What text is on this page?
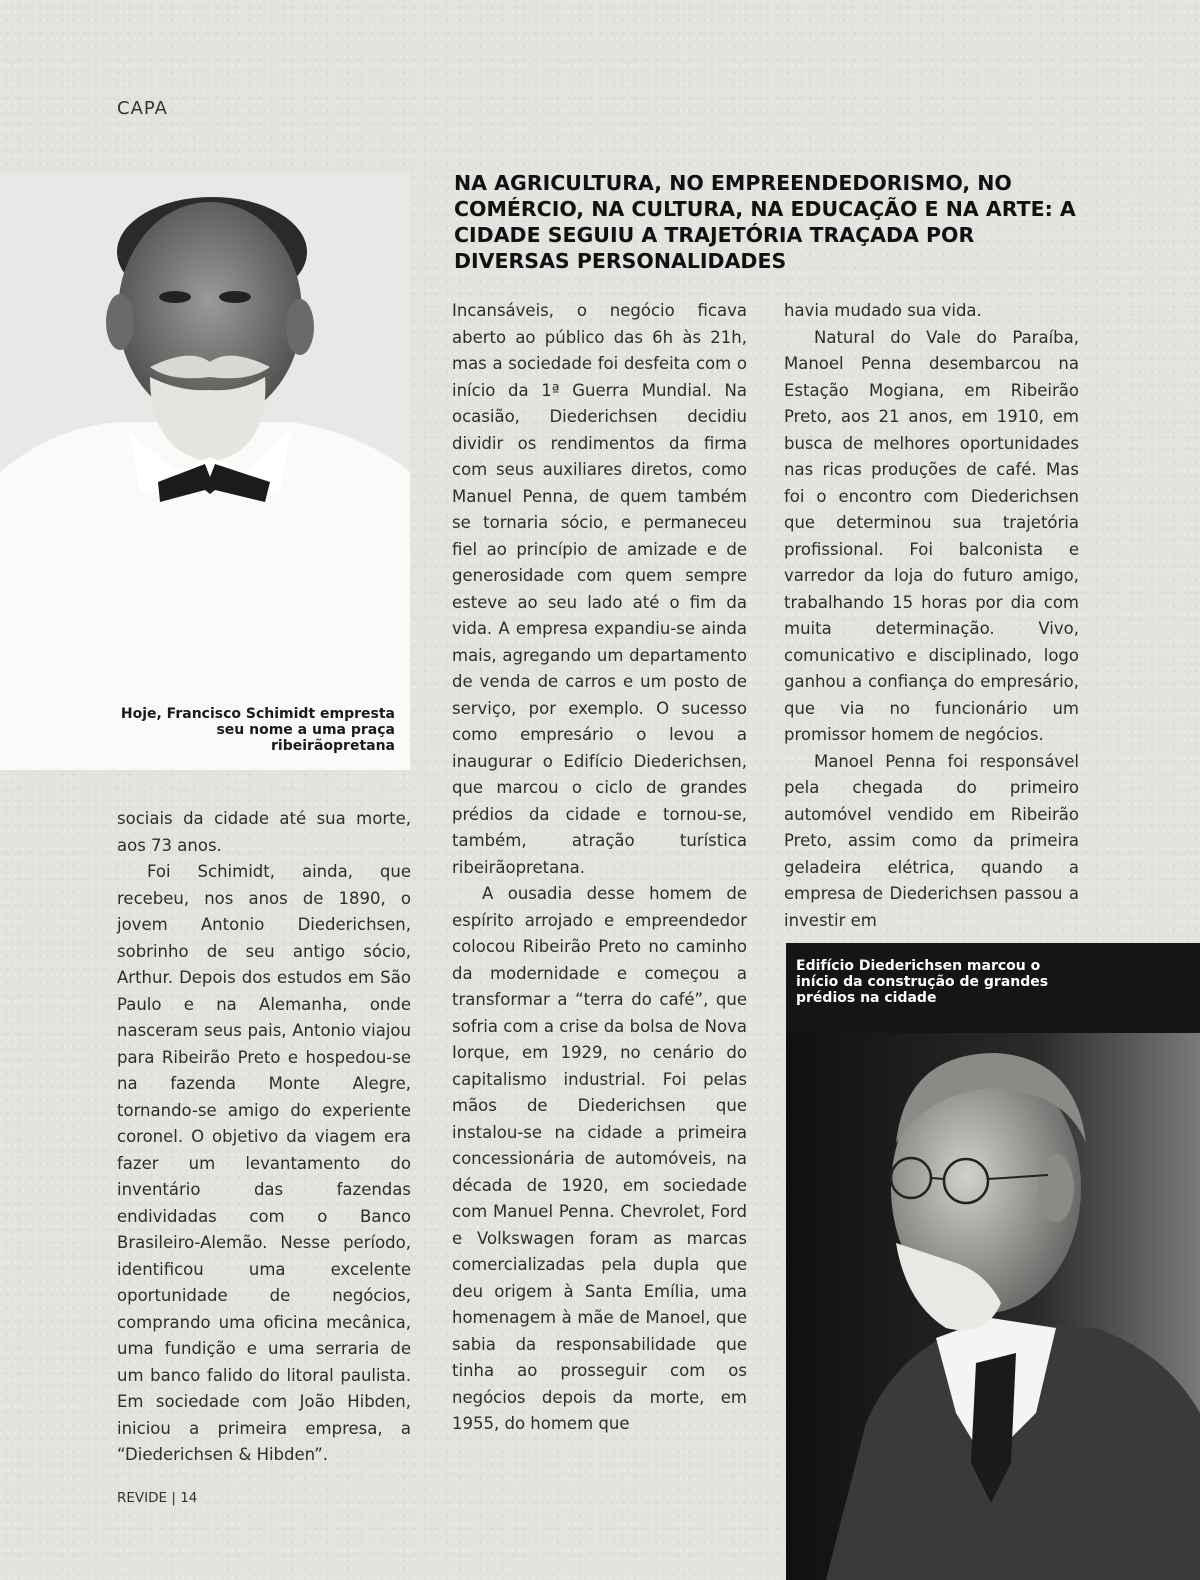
CAPA
NA AGRICULTURA, NO EMPREENDEDORISMO, NO COMÉRCIO, NA CULTURA, NA EDUCAÇÃO E NA ARTE: A CIDADE SEGUIU A TRAJETÓRIA TRAÇADA POR DIVERSAS PERSONALIDADES
Hoje, Francisco Schimidt empresta seu nome a uma praça ribeirãopretana

sociais da cidade até sua morte, aos 73 anos.

Foi Schimidt, ainda, que recebeu, nos anos de 1890, o jovem Antonio Diederichsen, sobrinho de seu antigo sócio, Arthur. Depois dos estudos em São Paulo e na Alemanha, onde nasceram seus pais, Antonio viajou para Ribeirão Preto e hospedou-se na fazenda Monte Alegre, tornando-se amigo do experiente coronel. O objetivo da viagem era fazer um levantamento do inventário das fazendas endividadas com o Banco Brasileiro-Alemão. Nesse período, identificou uma excelente oportunidade de negócios, comprando uma oficina mecânica, uma fundição e uma serraria de um banco falido do litoral paulista. Em sociedade com João Hibden, iniciou a primeira empresa, a “Diederichsen & Hibden”.

Incansáveis, o negócio ficava aberto ao público das 6h às 21h, mas a sociedade foi desfeita com o início da 1ª Guerra Mundial. Na ocasião, Diederichsen decidiu dividir os rendimentos da firma com seus auxiliares diretos, como Manuel Penna, de quem também se tornaria sócio, e permaneceu fiel ao princípio de amizade e de generosidade com quem sempre esteve ao seu lado até o fim da vida. A empresa expandiu-se ainda mais, agregando um departamento de venda de carros e um posto de serviço, por exemplo. O sucesso como empresário o levou a inaugurar o Edifício Diederichsen, que marcou o ciclo de grandes prédios da cidade e tornou-se, também, atração turística ribeirãopretana.

A ousadia desse homem de espírito arrojado e empreendedor colocou Ribeirão Preto no caminho da modernidade e começou a transformar a “terra do café”, que sofria com a crise da bolsa de Nova Iorque, em 1929, no cenário do capitalismo industrial. Foi pelas mãos de Diederichsen que instalou-se na cidade a primeira concessionária de automóveis, na década de 1920, em sociedade com Manuel Penna. Chevrolet, Ford e Volkswagen foram as marcas comercializadas pela dupla que deu origem à Santa Emília, uma homenagem à mãe de Manoel, que sabia da responsabilidade que tinha ao prosseguir com os negócios depois da morte, em 1955, do homem que

havia mudado sua vida.

Natural do Vale do Paraíba, Manoel Penna desembarcou na Estação Mogiana, em Ribeirão Preto, aos 21 anos, em 1910, em busca de melhores oportunidades nas ricas produções de café. Mas foi o encontro com Diederichsen que determinou sua trajetória profissional. Foi balconista e varredor da loja do futuro amigo, trabalhando 15 horas por dia com muita determinação. Vivo, comunicativo e disciplinado, logo ganhou a confiança do empresário, que via no funcionário um promissor homem de negócios.

Manoel Penna foi responsável pela chegada do primeiro automóvel vendido em Ribeirão Preto, assim como da primeira geladeira elétrica, quando a empresa de Diederichsen passou a investir em

Edifício Diederichsen marcou o início da construção de grandes prédios na cidade
REVIDE | 14
